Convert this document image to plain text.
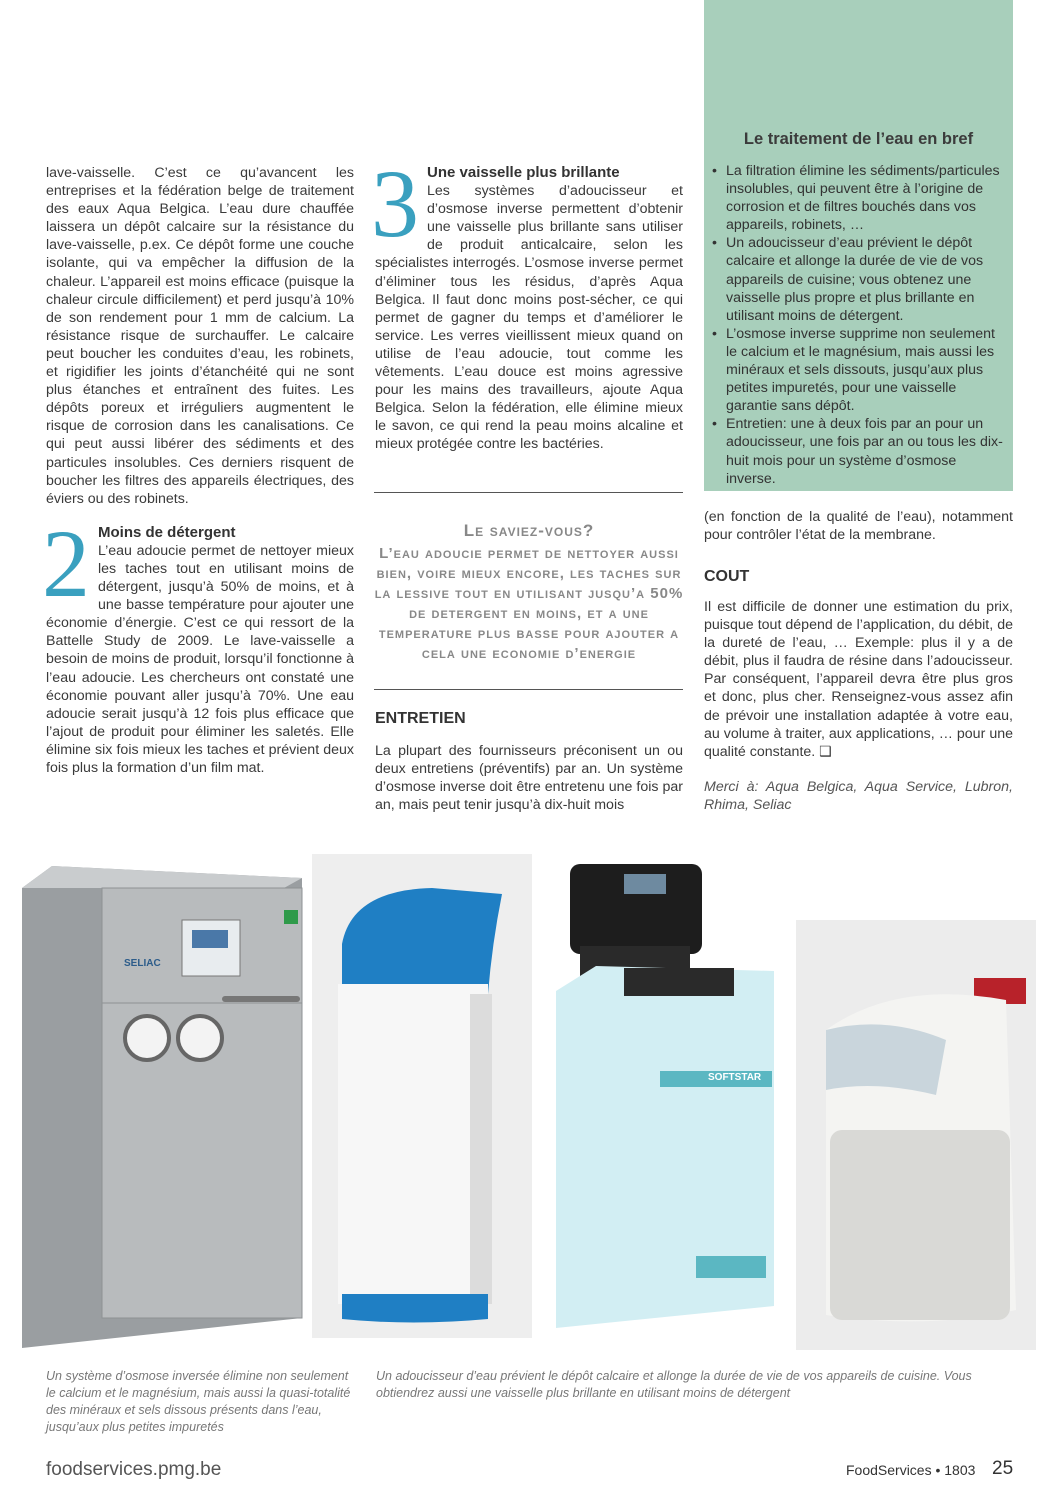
lave-vaisselle. C’est ce qu’avancent les entreprises et la fédération belge de traitement des eaux Aqua Belgica. L’eau dure chauffée laissera un dépôt calcaire sur la résistance du lave-vaisselle, p.ex. Ce dépôt forme une couche isolante, qui va empêcher la diffusion de la chaleur. L’appareil est moins efficace (puisque la chaleur circule difficilement) et perd jusqu’à 10% de son rendement pour 1 mm de calcium. La résistance risque de surchauffer. Le calcaire peut boucher les conduites d’eau, les robinets, et rigidifier les joints d’étanchéité qui ne sont plus étanches et entraînent des fuites. Les dépôts poreux et irréguliers augmentent le risque de corrosion dans les canalisations. Ce qui peut aussi libérer des sédiments et des particules insolubles. Ces derniers risquent de boucher les filtres des appareils électriques, des éviers ou des robinets.

2 Moins de détergent

L’eau adoucie permet de nettoyer mieux les taches tout en utilisant moins de détergent, jusqu’à 50% de moins, et à une basse température pour ajouter une économie d’énergie. C’est ce qui ressort de la Battelle Study de 2009. Le lave-vaisselle a besoin de moins de produit, lorsqu’il fonctionne à l’eau adoucie. Les chercheurs ont constaté une économie pouvant aller jusqu’à 70%. Une eau adoucie serait jusqu’à 12 fois plus efficace que l’ajout de produit pour éliminer les saletés. Elle élimine six fois mieux les taches et prévient deux fois plus la formation d’un film mat.

3 Une vaisselle plus brillante

Les systèmes d’adoucisseur et d’osmose inverse permettent d’obtenir une vaisselle plus brillante sans utiliser de produit anticalcaire, selon les spécialistes interrogés. L’osmose inverse permet d’éliminer tous les résidus, d’après Aqua Belgica. Il faut donc moins post-sécher, ce qui permet de gagner du temps et d’améliorer le service. Les verres vieillissent mieux quand on utilise de l’eau adoucie, tout comme les vêtements. L’eau douce est moins agressive pour les mains des travailleurs, ajoute Aqua Belgica. Selon la fédération, elle élimine mieux le savon, ce qui rend la peau moins alcaline et mieux protégée contre les bactéries.

Le saviez-vous?
L’eau adoucie permet de nettoyer aussi bien, voire mieux encore, les taches sur la lessive tout en utilisant jusqu’a 50% de detergent en moins, et a une temperature plus basse pour ajouter a cela une economie d’energie
ENTRETIEN
La plupart des fournisseurs préconisent un ou deux entretiens (préventifs) par an. Un système d’osmose inverse doit être entretenu une fois par an, mais peut tenir jusqu’à dix-huit mois
Le traitement de l’eau en bref
• La filtration élimine les sédiments/particules insolubles, qui peuvent être à l’origine de corrosion et de filtres bouchés dans vos appareils, robinets, …
• Un adoucisseur d’eau prévient le dépôt calcaire et allonge la durée de vie de vos appareils de cuisine; vous obtenez une vaisselle plus propre et plus brillante en utilisant moins de détergent.
• L’osmose inverse supprime non seulement le calcium et le magnésium, mais aussi les minéraux et sels dissouts, jusqu’aux plus petites impuretés, pour une vaisselle garantie sans dépôt.
• Entretien: une à deux fois par an pour un adoucisseur, une fois par an ou tous les dix-huit mois pour un système d’osmose inverse.

(en fonction de la qualité de l’eau), notamment pour contrôler l’état de la membrane.

COUT
Il est difficile de donner une estimation du prix, puisque tout dépend de l’application, du débit, de la dureté de l’eau, … Exemple: plus il y a de débit, plus il faudra de résine dans l’adoucisseur. Par conséquent, l’appareil devra être plus gros et donc, plus cher. Renseignez-vous assez afin de prévoir une installation adaptée à votre eau, au volume à traiter, aux applications, … pour une qualité constante. ❑
Merci à: Aqua Belgica, Aqua Service, Lubron, Rhima, Seliac
SELIAC
SOFTSTAR
Un système d’osmose inversée élimine non seulement le calcium et le magnésium, mais aussi la quasi-totalité des minéraux et sels dissous présents dans l’eau, jusqu’aux plus petites impuretés
Un adoucisseur d’eau prévient le dépôt calcaire et allonge la durée de vie de vos appareils de cuisine. Vous obtiendrez aussi une vaisselle plus brillante en utilisant moins de détergent
foodservices.pmg.be	FoodServices • 1803 25
